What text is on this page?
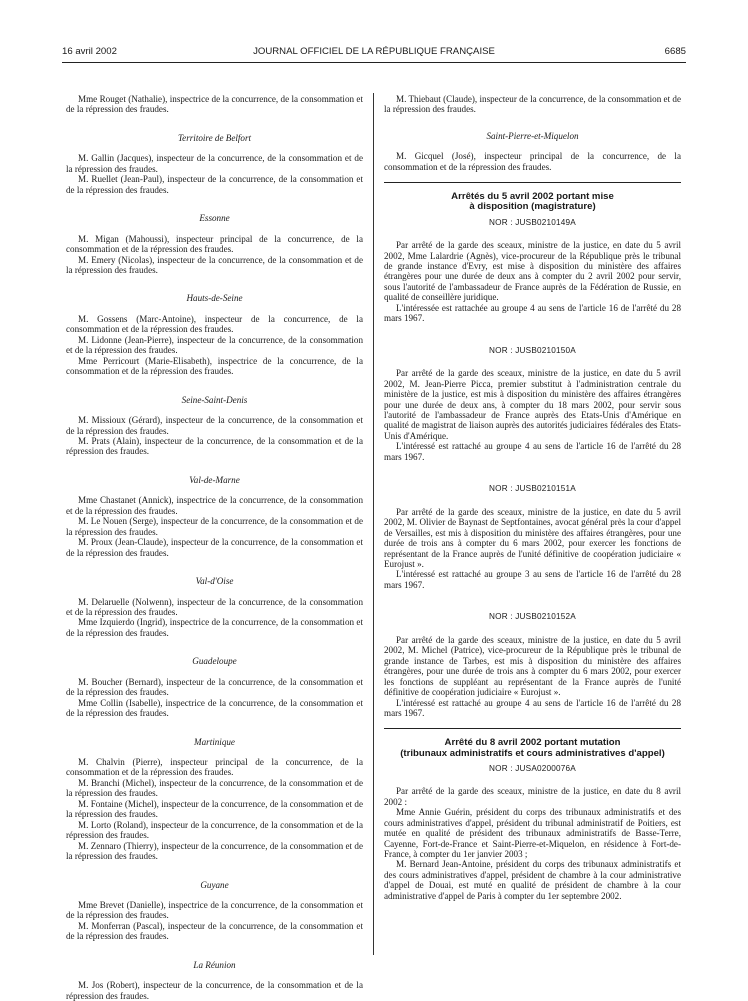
16 avril 2002	JOURNAL OFFICIEL DE LA RÉPUBLIQUE FRANÇAISE	6685

Mme Rouget (Nathalie), inspectrice de la concurrence, de la consommation et de la répression des fraudes.

Territoire de Belfort

M. Gallin (Jacques), inspecteur de la concurrence, de la consommation et de la répression des fraudes.

M. Ruellet (Jean-Paul), inspecteur de la concurrence, de la consommation et de la répression des fraudes.

Essonne

M. Migan (Mahoussi), inspecteur principal de la concurrence, de la consommation et de la répression des fraudes.

M. Emery (Nicolas), inspecteur de la concurrence, de la consommation et de la répression des fraudes.

Hauts-de-Seine

M. Gossens (Marc-Antoine), inspecteur de la concurrence, de la consommation et de la répression des fraudes.

M. Lidonne (Jean-Pierre), inspecteur de la concurrence, de la consommation et de la répression des fraudes.

Mme Perricourt (Marie-Elisabeth), inspectrice de la concurrence, de la consommation et de la répression des fraudes.

Seine-Saint-Denis

M. Missioux (Gérard), inspecteur de la concurrence, de la consommation et de la répression des fraudes.

M. Prats (Alain), inspecteur de la concurrence, de la consommation et de la répression des fraudes.

Val-de-Marne

Mme Chastanet (Annick), inspectrice de la concurrence, de la consommation et de la répression des fraudes.

M. Le Nouen (Serge), inspecteur de la concurrence, de la consommation et de la répression des fraudes.

M. Proux (Jean-Claude), inspecteur de la concurrence, de la consommation et de la répression des fraudes.

Val-d'Oise

M. Delaruelle (Nolwenn), inspecteur de la concurrence, de la consommation et de la répression des fraudes.

Mme Izquierdo (Ingrid), inspectrice de la concurrence, de la consommation et de la répression des fraudes.

Guadeloupe

M. Boucher (Bernard), inspecteur de la concurrence, de la consommation et de la répression des fraudes.

Mme Collin (Isabelle), inspectrice de la concurrence, de la consommation et de la répression des fraudes.

Martinique

M. Chalvin (Pierre), inspecteur principal de la concurrence, de la consommation et de la répression des fraudes.

M. Branchi (Michel), inspecteur de la concurrence, de la consommation et de la répression des fraudes.

M. Fontaine (Michel), inspecteur de la concurrence, de la consommation et de la répression des fraudes.

M. Lorto (Roland), inspecteur de la concurrence, de la consommation et de la répression des fraudes.

M. Zennaro (Thierry), inspecteur de la concurrence, de la consommation et de la répression des fraudes.

Guyane

Mme Brevet (Danielle), inspectrice de la concurrence, de la consommation et de la répression des fraudes.

M. Monferran (Pascal), inspecteur de la concurrence, de la consommation et de la répression des fraudes.

La Réunion

M. Jos (Robert), inspecteur de la concurrence, de la consommation et de la répression des fraudes.

M. Thiebaut (Claude), inspecteur de la concurrence, de la consommation et de la répression des fraudes.

Saint-Pierre-et-Miquelon

M. Gicquel (José), inspecteur principal de la concurrence, de la consommation et de la répression des fraudes.

Arrêtés du 5 avril 2002 portant mise

à disposition (magistrature)

NOR : JUSB0210149A

Par arrêté de la garde des sceaux, ministre de la justice, en date du 5 avril 2002, Mme Lalardrie (Agnès), vice-procureur de la République près le tribunal de grande instance d'Evry, est mise à disposition du ministère des affaires étrangères pour une durée de deux ans à compter du 2 avril 2002 pour servir, sous l'autorité de l'ambassadeur de France auprès de la Fédération de Russie, en qualité de conseillère juridique.

L'intéressée est rattachée au groupe 4 au sens de l'article 16 de l'arrêté du 28 mars 1967.

NOR : JUSB0210150A

Par arrêté de la garde des sceaux, ministre de la justice, en date du 5 avril 2002, M. Jean-Pierre Picca, premier substitut à l'administration centrale du ministère de la justice, est mis à disposition du ministère des affaires étrangères pour une durée de deux ans, à compter du 18 mars 2002, pour servir sous l'autorité de l'ambassadeur de France auprès des Etats-Unis d'Amérique en qualité de magistrat de liaison auprès des autorités judiciaires fédérales des Etats-Unis d'Amérique.

L'intéressé est rattaché au groupe 4 au sens de l'article 16 de l'arrêté du 28 mars 1967.

NOR : JUSB0210151A

Par arrêté de la garde des sceaux, ministre de la justice, en date du 5 avril 2002, M. Olivier de Baynast de Septfontaines, avocat général près la cour d'appel de Versailles, est mis à disposition du ministère des affaires étrangères, pour une durée de trois ans à compter du 6 mars 2002, pour exercer les fonctions de représentant de la France auprès de l'unité définitive de coopération judiciaire « Eurojust ».

L'intéressé est rattaché au groupe 3 au sens de l'article 16 de l'arrêté du 28 mars 1967.

NOR : JUSB0210152A

Par arrêté de la garde des sceaux, ministre de la justice, en date du 5 avril 2002, M. Michel (Patrice), vice-procureur de la République près le tribunal de grande instance de Tarbes, est mis à disposition du ministère des affaires étrangères, pour une durée de trois ans à compter du 6 mars 2002, pour exercer les fonctions de suppléant au représentant de la France auprès de l'unité définitive de coopération judiciaire « Eurojust ».

L'intéressé est rattaché au groupe 4 au sens de l'article 16 de l'arrêté du 28 mars 1967.

Arrêté du 8 avril 2002 portant mutation

(tribunaux administratifs et cours administratives d'appel)

NOR : JUSA0200076A

Par arrêté de la garde des sceaux, ministre de la justice, en date du 8 avril 2002 :

Mme Annie Guérin, président du corps des tribunaux administratifs et des cours administratives d'appel, président du tribunal administratif de Poitiers, est mutée en qualité de président des tribunaux administratifs de Basse-Terre, Cayenne, Fort-de-France et Saint-Pierre-et-Miquelon, en résidence à Fort-de-France, à compter du 1er janvier 2003 ;

M. Bernard Jean-Antoine, président du corps des tribunaux administratifs et des cours administratives d'appel, président de chambre à la cour administrative d'appel de Douai, est muté en qualité de président de chambre à la cour administrative d'appel de Paris à compter du 1er septembre 2002.
